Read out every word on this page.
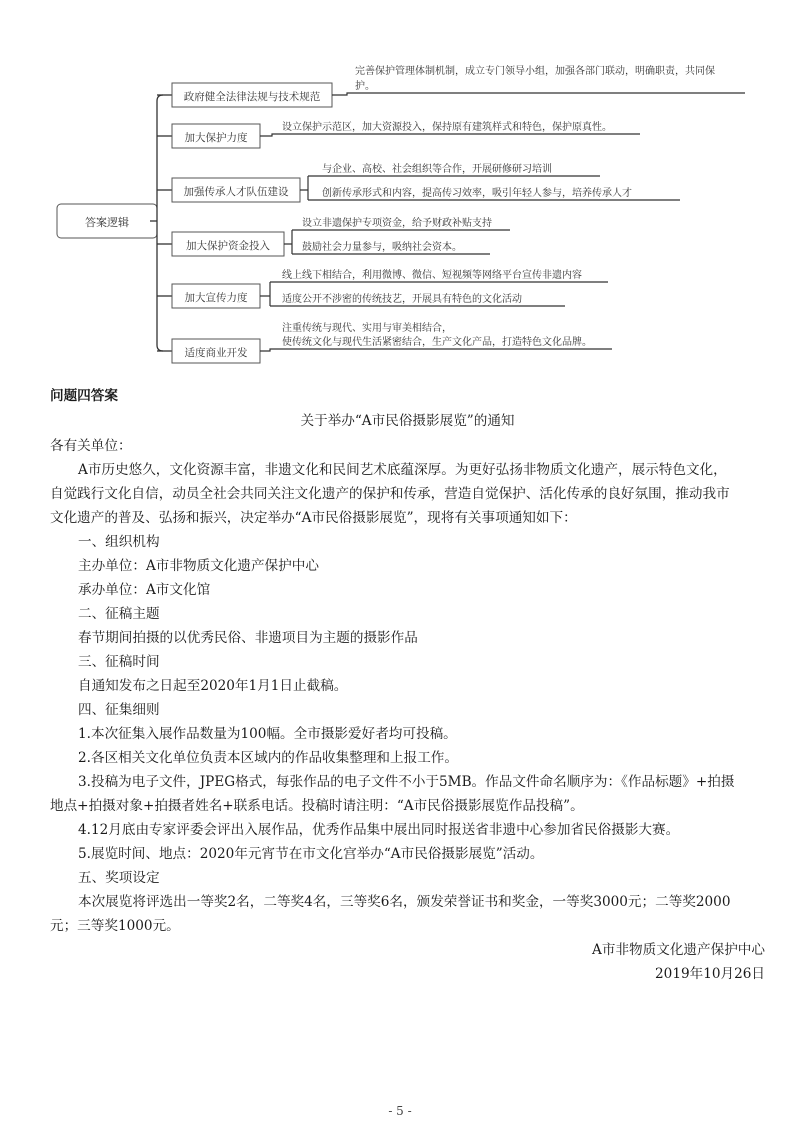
答案逻辑
政府健全法律法规与技术规范
加大保护力度
加强传承人才队伍建设
加大保护资金投入
加大宣传力度
适度商业开发
完善保护管理体制机制，成立专门领导小组，加强各部门联动，明确职责，共同保
护。
设立保护示范区，加大资源投入，保持原有建筑样式和特色，保护原真性。
与企业、高校、社会组织等合作，开展研修研习培训
创新传承形式和内容，提高传习效率，吸引年轻人参与，培养传承人才
设立非遗保护专项资金，给予财政补贴支持
鼓励社会力量参与，吸纳社会资本。
线上线下相结合，利用微博、微信、短视频等网络平台宣传非遗内容
适度公开不涉密的传统技艺，开展具有特色的文化活动
注重传统与现代、实用与审美相结合，
使传统文化与现代生活紧密结合，生产文化产品，打造特色文化品牌。
问题四答案
关于举办“A市民俗摄影展览”的通知
各有关单位：
A市历史悠久，文化资源丰富，非遗文化和民间艺术底蕴深厚。为更好弘扬非物质文化遗产，展示特色文化，
自觉践行文化自信，动员全社会共同关注文化遗产的保护和传承，营造自觉保护、活化传承的良好氛围，推动我市
文化遗产的普及、弘扬和振兴，决定举办“A市民俗摄影展览”，现将有关事项通知如下：
一、组织机构
主办单位：A市非物质文化遗产保护中心
承办单位：A市文化馆
二、征稿主题
春节期间拍摄的以优秀民俗、非遗项目为主题的摄影作品
三、征稿时间
自通知发布之日起至2020年1月1日止截稿。
四、征集细则
1.本次征集入展作品数量为100幅。全市摄影爱好者均可投稿。
2.各区相关文化单位负责本区域内的作品收集整理和上报工作。
3.投稿为电子文件，JPEG格式，每张作品的电子文件不小于5MB。作品文件命名顺序为：《作品标题》+拍摄
地点+拍摄对象+拍摄者姓名+联系电话。投稿时请注明：“A市民俗摄影展览作品投稿”。
4.12月底由专家评委会评出入展作品，优秀作品集中展出同时报送省非遗中心参加省民俗摄影大赛。
5.展览时间、地点：2020年元宵节在市文化宫举办“A市民俗摄影展览”活动。
五、奖项设定
本次展览将评选出一等奖2名，二等奖4名，三等奖6名，颁发荣誉证书和奖金，一等奖3000元；二等奖2000
元；三等奖1000元。
A市非物质文化遗产保护中心
2019年10月26日
- 5 -
